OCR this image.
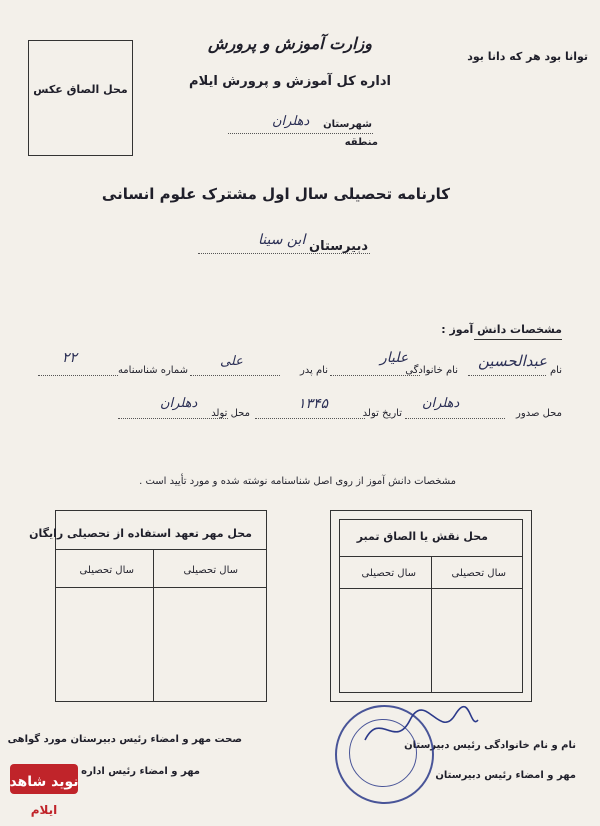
توانا بود هر که دانا بود
محل الصاق عکس
وزارت آموزش و پرورش
اداره کل آموزش و پرورش ایلام
شهرستان
دهلران
منطقه
کارنامه تحصیلی سال اول مشترک علوم انسانی
دبیرستان
ابن سینا
مشخصات دانش آموز :
نام
عبدالحسین
نام خانوادگی
علیار
نام پدر
علی
شماره شناسنامه
۲۲
محل صدور
دهلران
تاریخ تولد
۱۳۴۵
محل تولد
دهلران
مشخصات دانش آموز از روی اصل شناسنامه نوشته شده و مورد تأیید است .
محل نقش یا الصاق تمبر
سال تحصیلی
سال تحصیلی
محل مهر تعهد استفاده از تحصیلی رایگان
سال تحصیلی
سال تحصیلی
نام و نام خانوادگی رئیس دبیرستان
مهر و امضاء رئیس دبیرستان
صحت مهر و امضاء رئیس دبیرستان مورد گواهی
مهر و امضاء رئیس اداره
نوید شاهد
ایلام
